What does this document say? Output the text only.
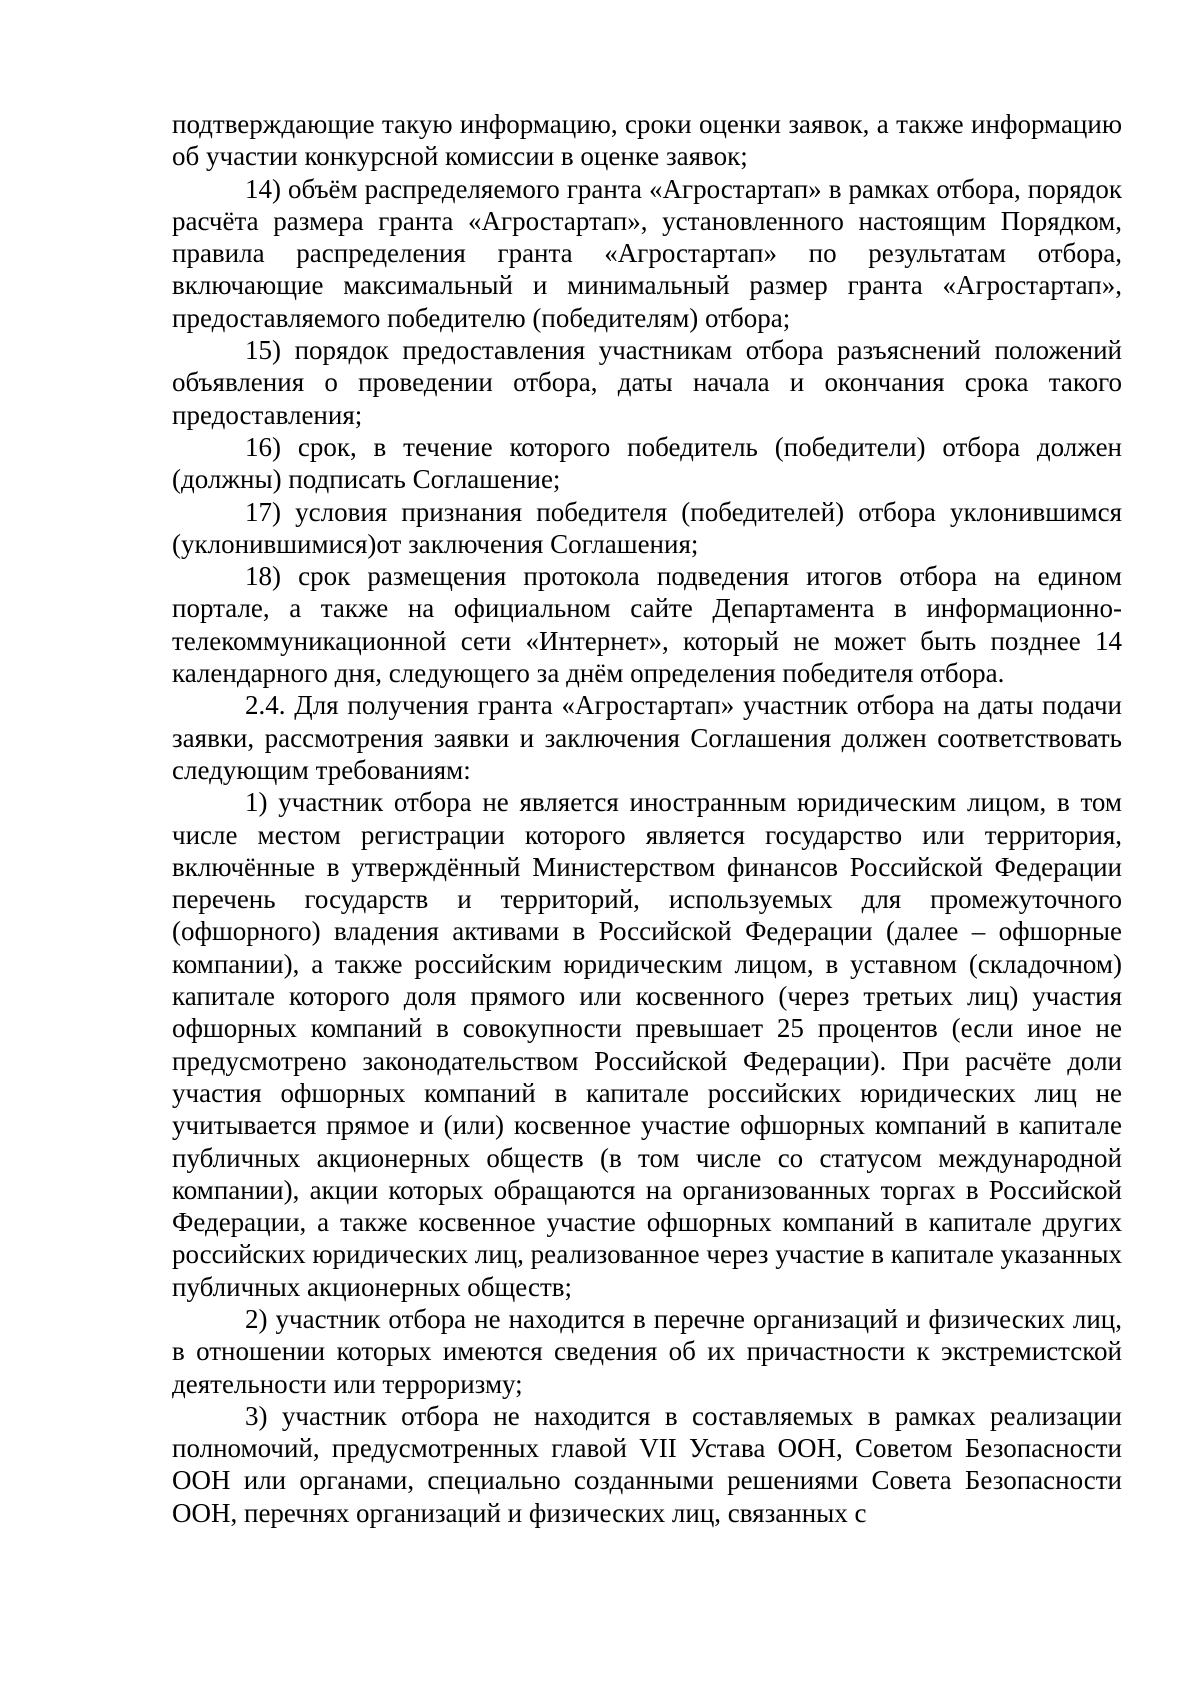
подтверждающие такую информацию, сроки оценки заявок, а также информацию об участии конкурсной комиссии в оценке заявок;

14) объём распределяемого гранта «Агростартап» в рамках отбора, порядок расчёта размера гранта «Агростартап», установленного настоящим Порядком, правила распределения гранта «Агростартап» по результатам отбора, включающие максимальный и минимальный размер гранта «Агростартап», предоставляемого победителю (победителям) отбора;

15) порядок предоставления участникам отбора разъяснений положений объявления о проведении отбора, даты начала и окончания срока такого предоставления;

16) срок, в течение которого победитель (победители) отбора должен (должны) подписать Соглашение;

17) условия признания победителя (победителей) отбора уклонившимся (уклонившимися)от заключения Соглашения;

18) срок размещения протокола подведения итогов отбора на едином портале, а также на официальном сайте Департамента в информационно-телекоммуникационной сети «Интернет», который не может быть позднее 14 календарного дня, следующего за днём определения победителя отбора.

2.4. Для получения гранта «Агростартап» участник отбора на даты подачи заявки, рассмотрения заявки и заключения Соглашения должен соответствовать следующим требованиям:

1) участник отбора не является иностранным юридическим лицом, в том числе местом регистрации которого является государство или территория, включённые в утверждённый Министерством финансов Российской Федерации перечень государств и территорий, используемых для промежуточного (офшорного) владения активами в Российской Федерации (далее – офшорные компании), а также российским юридическим лицом, в уставном (складочном) капитале которого доля прямого или косвенного (через третьих лиц) участия офшорных компаний в совокупности превышает 25 процентов (если иное не предусмотрено законодательством Российской Федерации). При расчёте доли участия офшорных компаний в капитале российских юридических лиц не учитывается прямое и (или) косвенное участие офшорных компаний в капитале публичных акционерных обществ (в том числе со статусом международной компании), акции которых обращаются на организованных торгах в Российской Федерации, а также косвенное участие офшорных компаний в капитале других российских юридических лиц, реализованное через участие в капитале указанных публичных акционерных обществ;

2) участник отбора не находится в перечне организаций и физических лиц, в отношении которых имеются сведения об их причастности к экстремистской деятельности или терроризму;

3) участник отбора не находится в составляемых в рамках реализации полномочий, предусмотренных главой VII Устава ООН, Советом Безопасности ООН или органами, специально созданными решениями Совета Безопасности ООН, перечнях организаций и физических лиц, связанных с
